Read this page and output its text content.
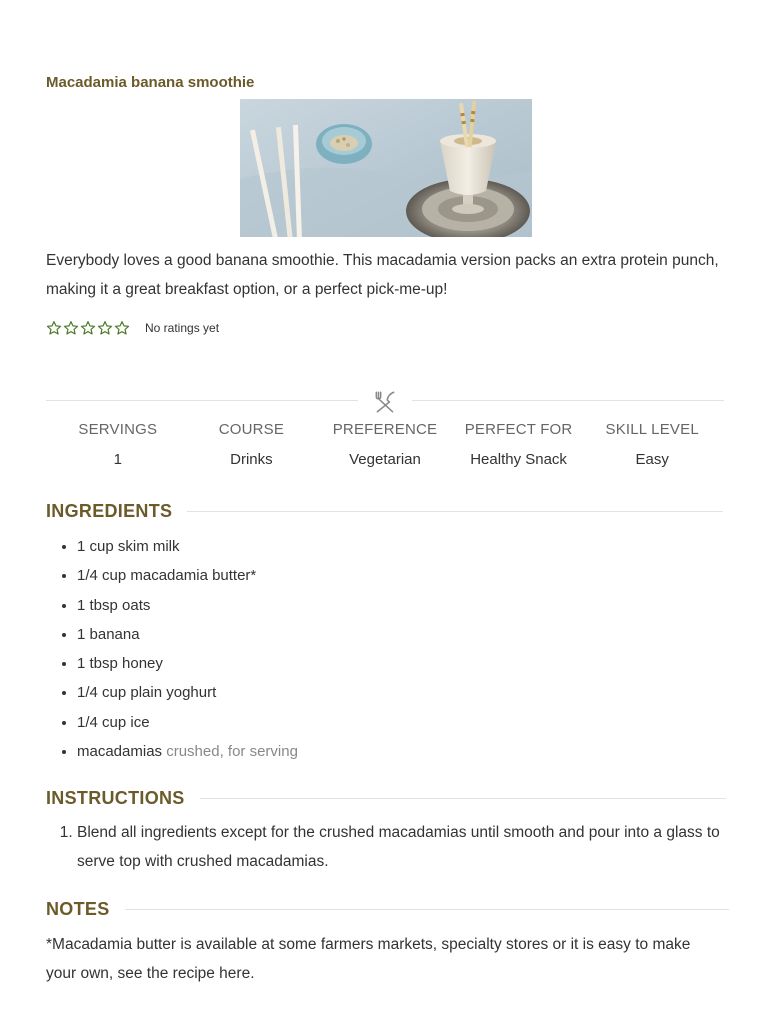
Macadamia banana smoothie

Everybody loves a good banana smoothie. This macadamia version packs an extra protein punch, making it a great breakfast option, or a perfect pick-me-up!

No ratings yet
SERVINGS
1
COURSE
Drinks
PREFERENCE
Vegetarian
PERFECT FOR
Healthy Snack
SKILL LEVEL
Easy
INGREDIENTS
• 1 cup skim milk
• 1/4 cup macadamia butter*
• 1 tbsp oats
• 1 banana
• 1 tbsp honey
• 1/4 cup plain yoghurt
• 1/4 cup ice
• macadamias crushed, for serving
INSTRUCTIONS
1. Blend all ingredients except for the crushed macadamias until smooth and pour into a glass to serve top with crushed macadamias.
NOTES

*Macadamia butter is available at some farmers markets, specialty stores or it is easy to make your own, see the recipe here.
